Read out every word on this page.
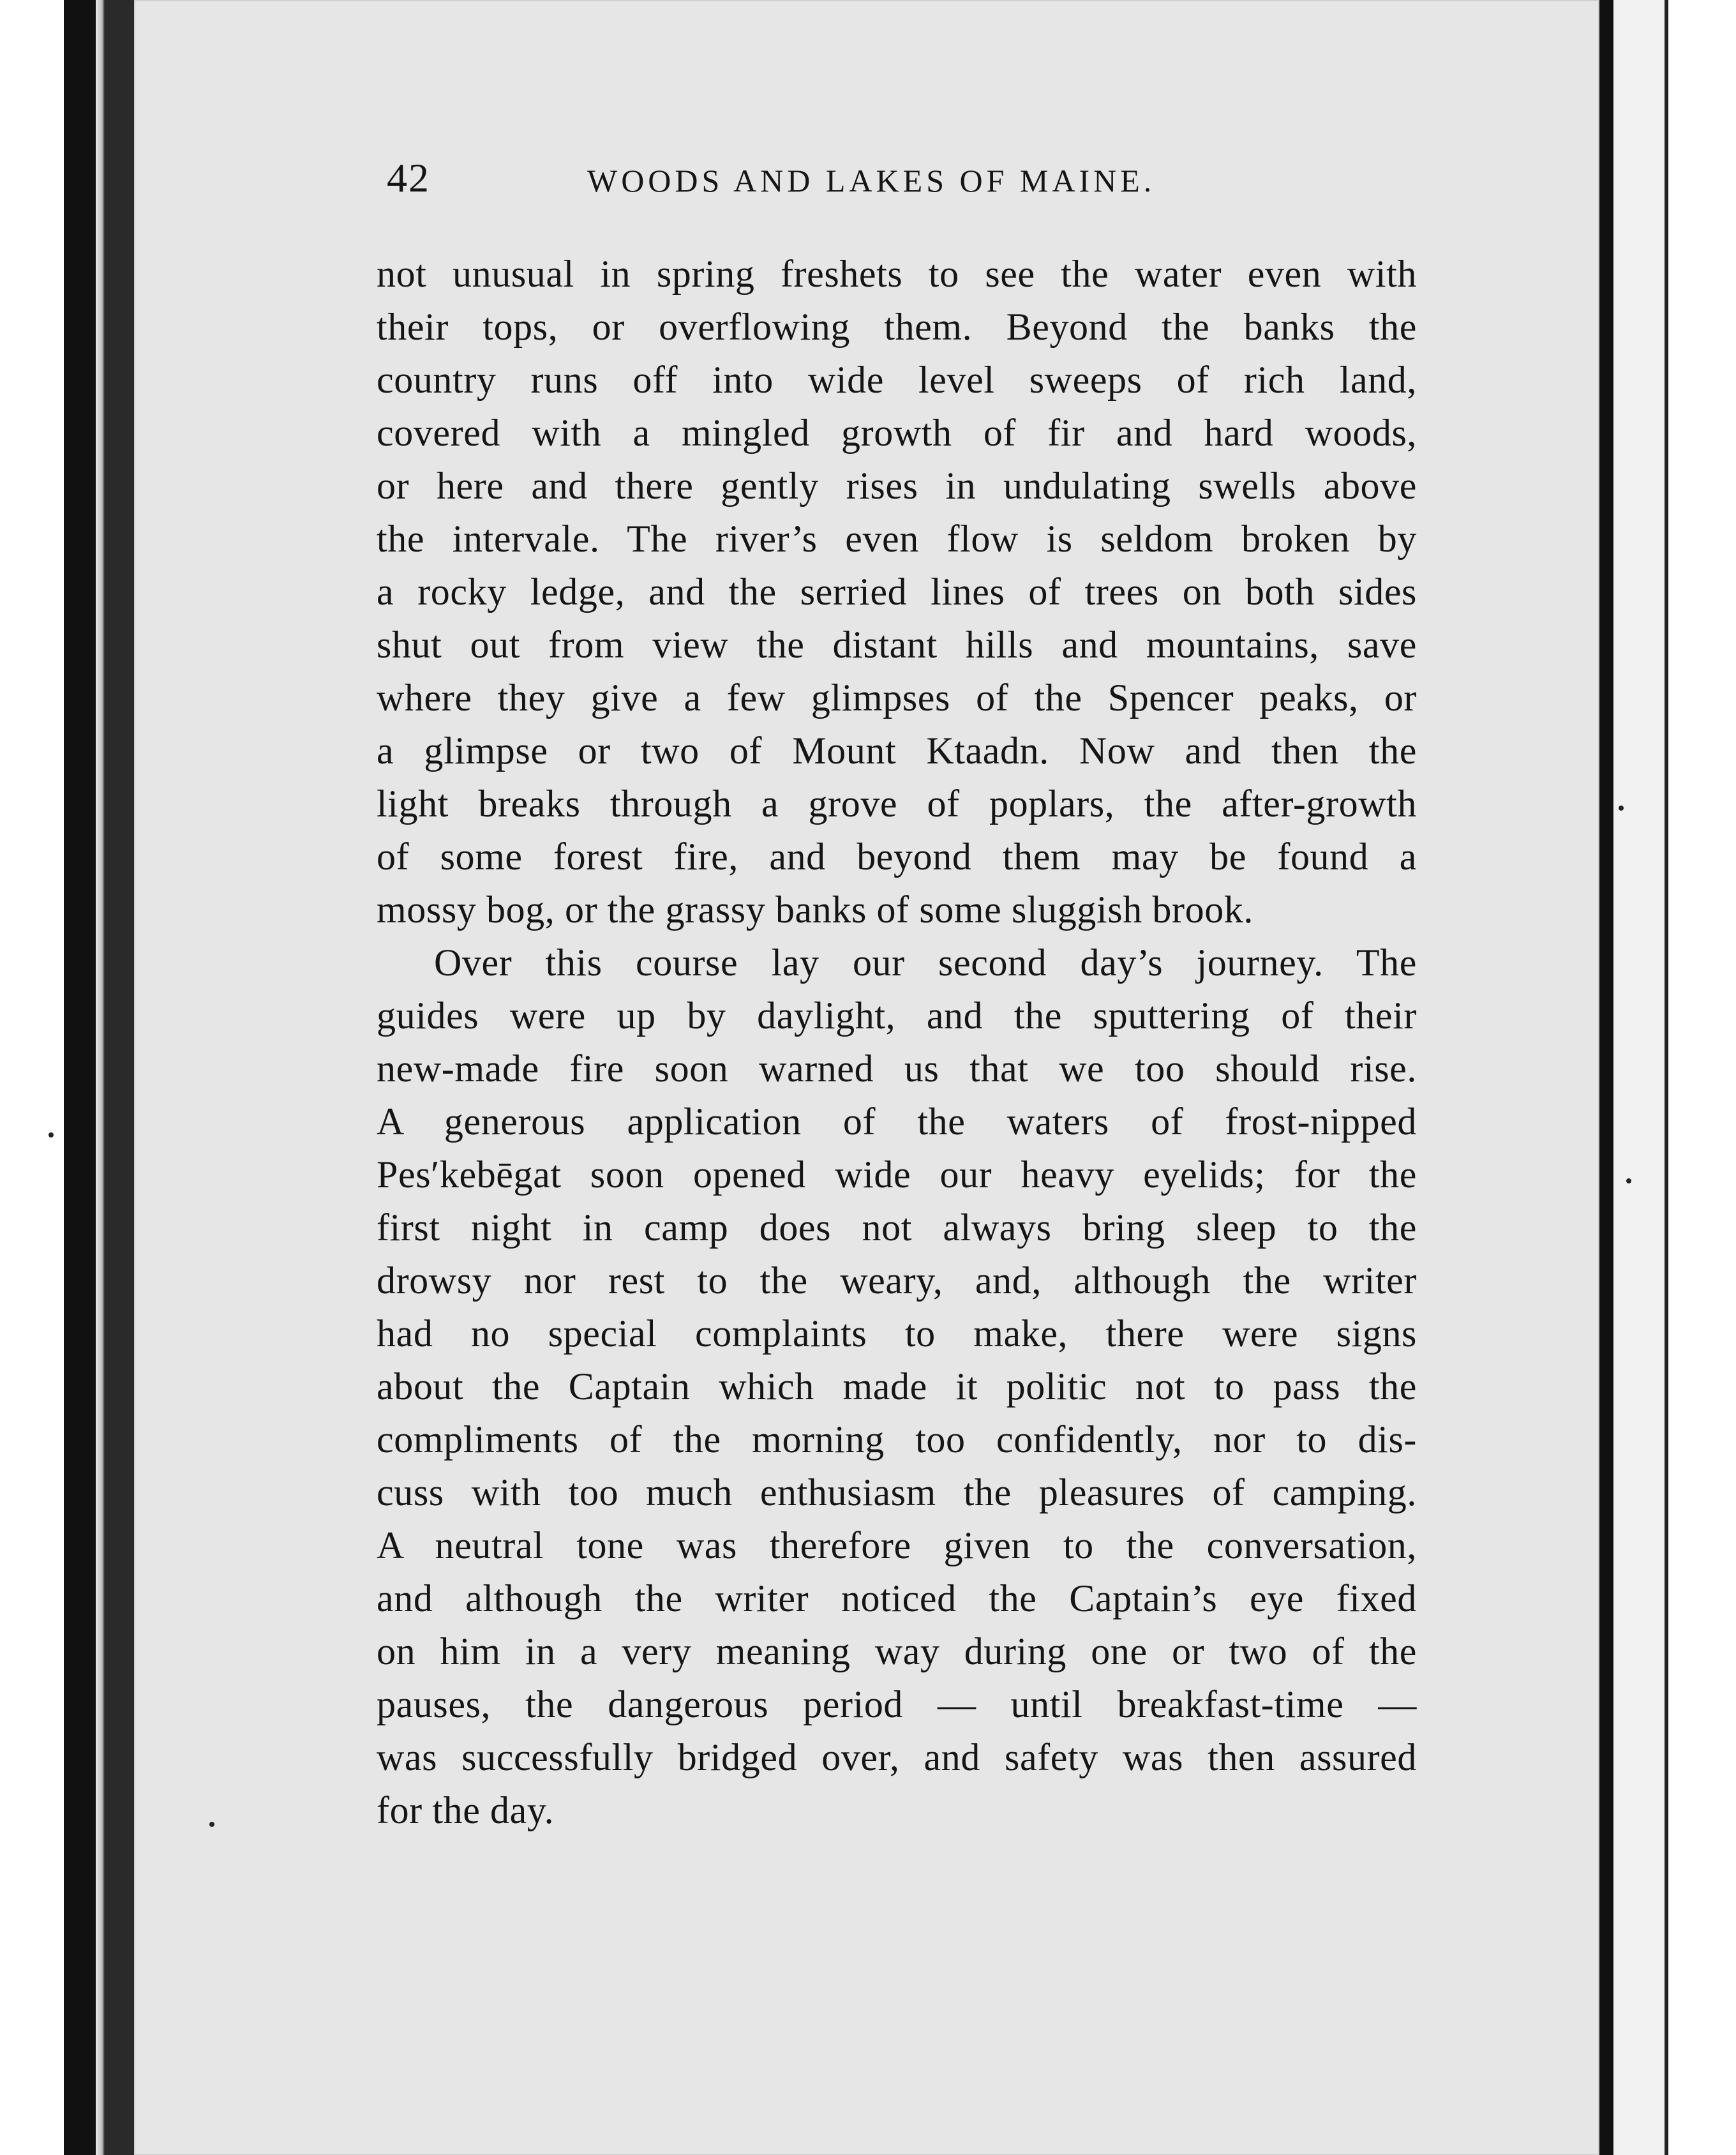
42	WOODS AND LAKES OF MAINE.
not unusual in spring freshets to see the water even with
their tops, or overflowing them. Beyond the banks the
country runs off into wide level sweeps of rich land,
covered with a mingled growth of fir and hard woods,
or here and there gently rises in undulating swells above
the intervale. The river’s even flow is seldom broken by
a rocky ledge, and the serried lines of trees on both sides
shut out from view the distant hills and mountains, save
where they give a few glimpses of the Spencer peaks, or
a glimpse or two of Mount Ktaadn. Now and then the
light breaks through a grove of poplars, the after-growth
of some forest fire, and beyond them may be found a
mossy bog, or the grassy banks of some sluggish brook.
Over this course lay our second day’s journey. The
guides were up by daylight, and the sputtering of their
new-made fire soon warned us that we too should rise.
A generous application of the waters of frost-nipped
Pes′kebēgat soon opened wide our heavy eyelids; for the
first night in camp does not always bring sleep to the
drowsy nor rest to the weary, and, although the writer
had no special complaints to make, there were signs
about the Captain which made it politic not to pass the
compliments of the morning too confidently, nor to dis-
cuss with too much enthusiasm the pleasures of camping.
A neutral tone was therefore given to the conversation,
and although the writer noticed the Captain’s eye fixed
on him in a very meaning way during one or two of the
pauses, the dangerous period — until breakfast-time —
was successfully bridged over, and safety was then assured
for the day.
